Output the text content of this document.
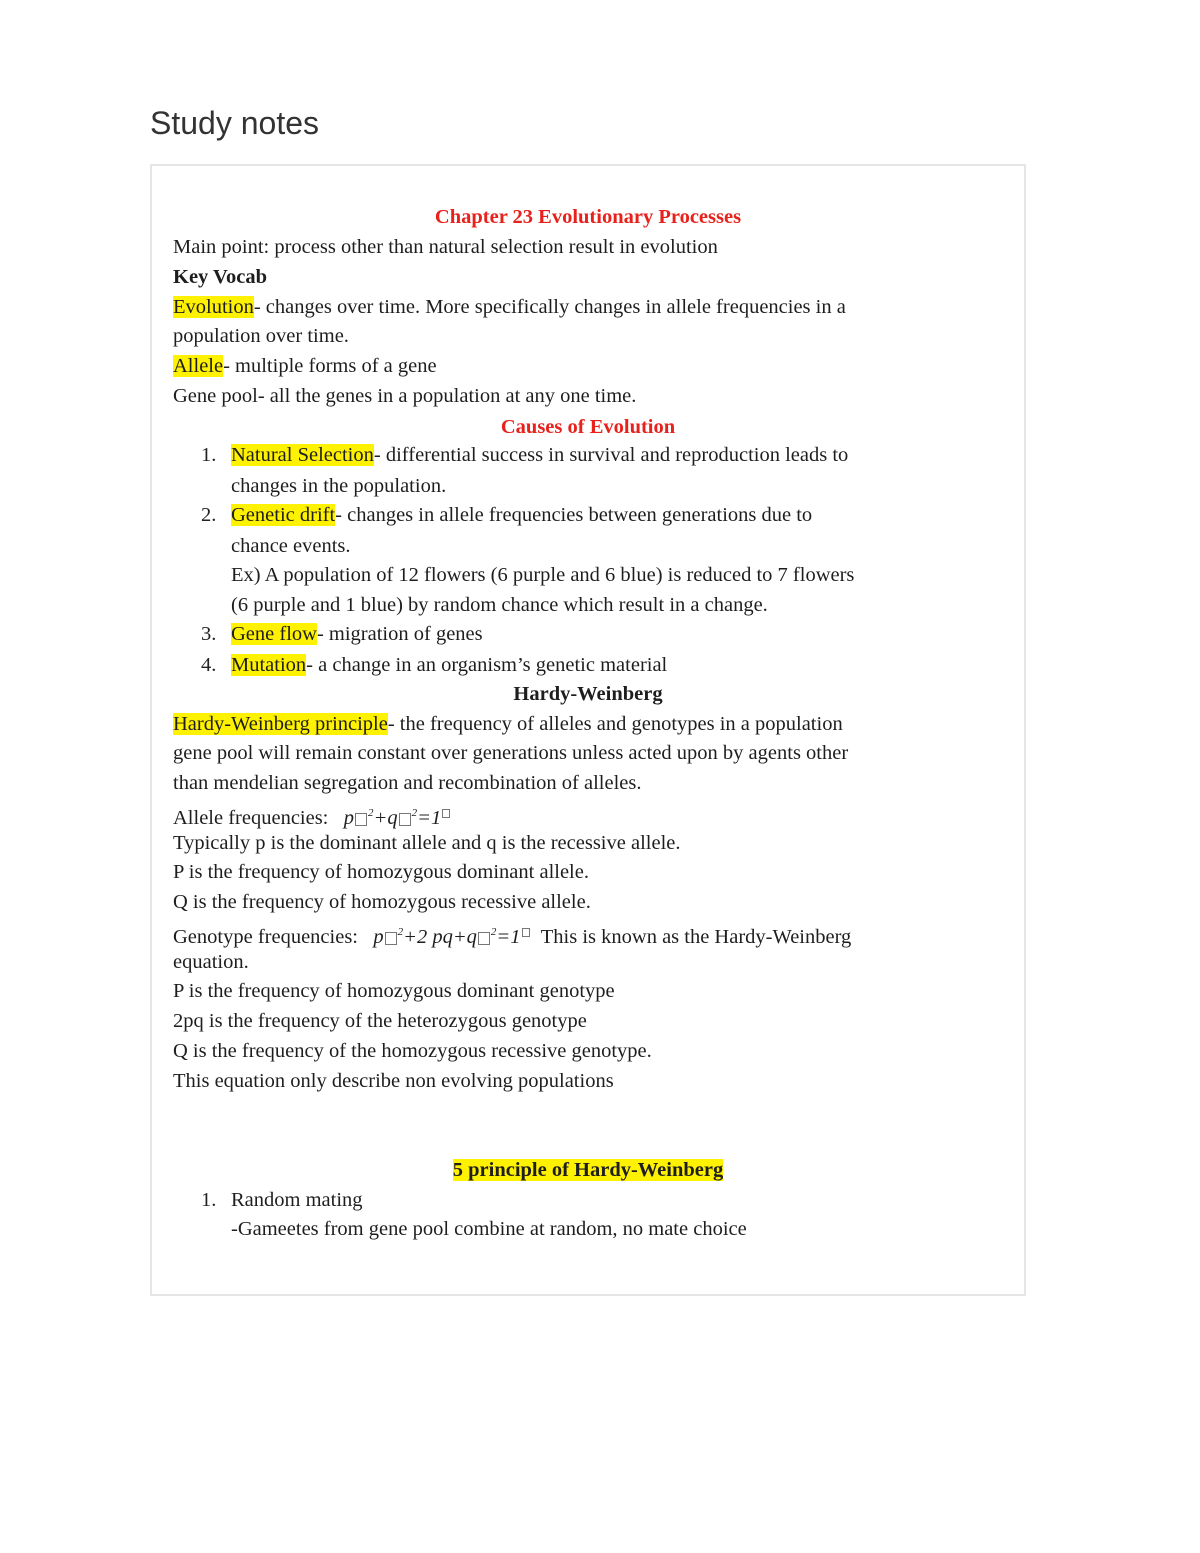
Study notes
Chapter 23 Evolutionary Processes
Main point: process other than natural selection result in evolution
Key Vocab
Evolution- changes over time. More specifically changes in allele frequencies in a
population over time.
Allele- multiple forms of a gene
Gene pool- all the genes in a population at any one time.
Causes of Evolution
1. Natural Selection- differential success in survival and reproduction leads to
changes in the population.
2. Genetic drift- changes in allele frequencies between generations due to
chance events.
Ex) A population of 12 flowers (6 purple and 6 blue) is reduced to 7 flowers
(6 purple and 1 blue) by random chance which result in a change.
3. Gene flow- migration of genes
4. Mutation- a change in an organism’s genetic material
Hardy-Weinberg
Hardy-Weinberg principle- the frequency of alleles and genotypes in a population
gene pool will remain constant over generations unless acted upon by agents other
than mendelian segregation and recombination of alleles.
Allele frequencies: p $^2$+q $^2$=1
Typically p is the dominant allele and q is the recessive allele.
P is the frequency of homozygous dominant allele.
Q is the frequency of homozygous recessive allele.
Genotype frequencies: p $^2$+2 pq+q $^2$=1 This is known as the Hardy-Weinberg
equation.
P is the frequency of homozygous dominant genotype
2pq is the frequency of the heterozygous genotype
Q is the frequency of the homozygous recessive genotype.
This equation only describe non evolving populations
5 principle of Hardy-Weinberg
1. Random mating
-Gameetes from gene pool combine at random, no mate choice
